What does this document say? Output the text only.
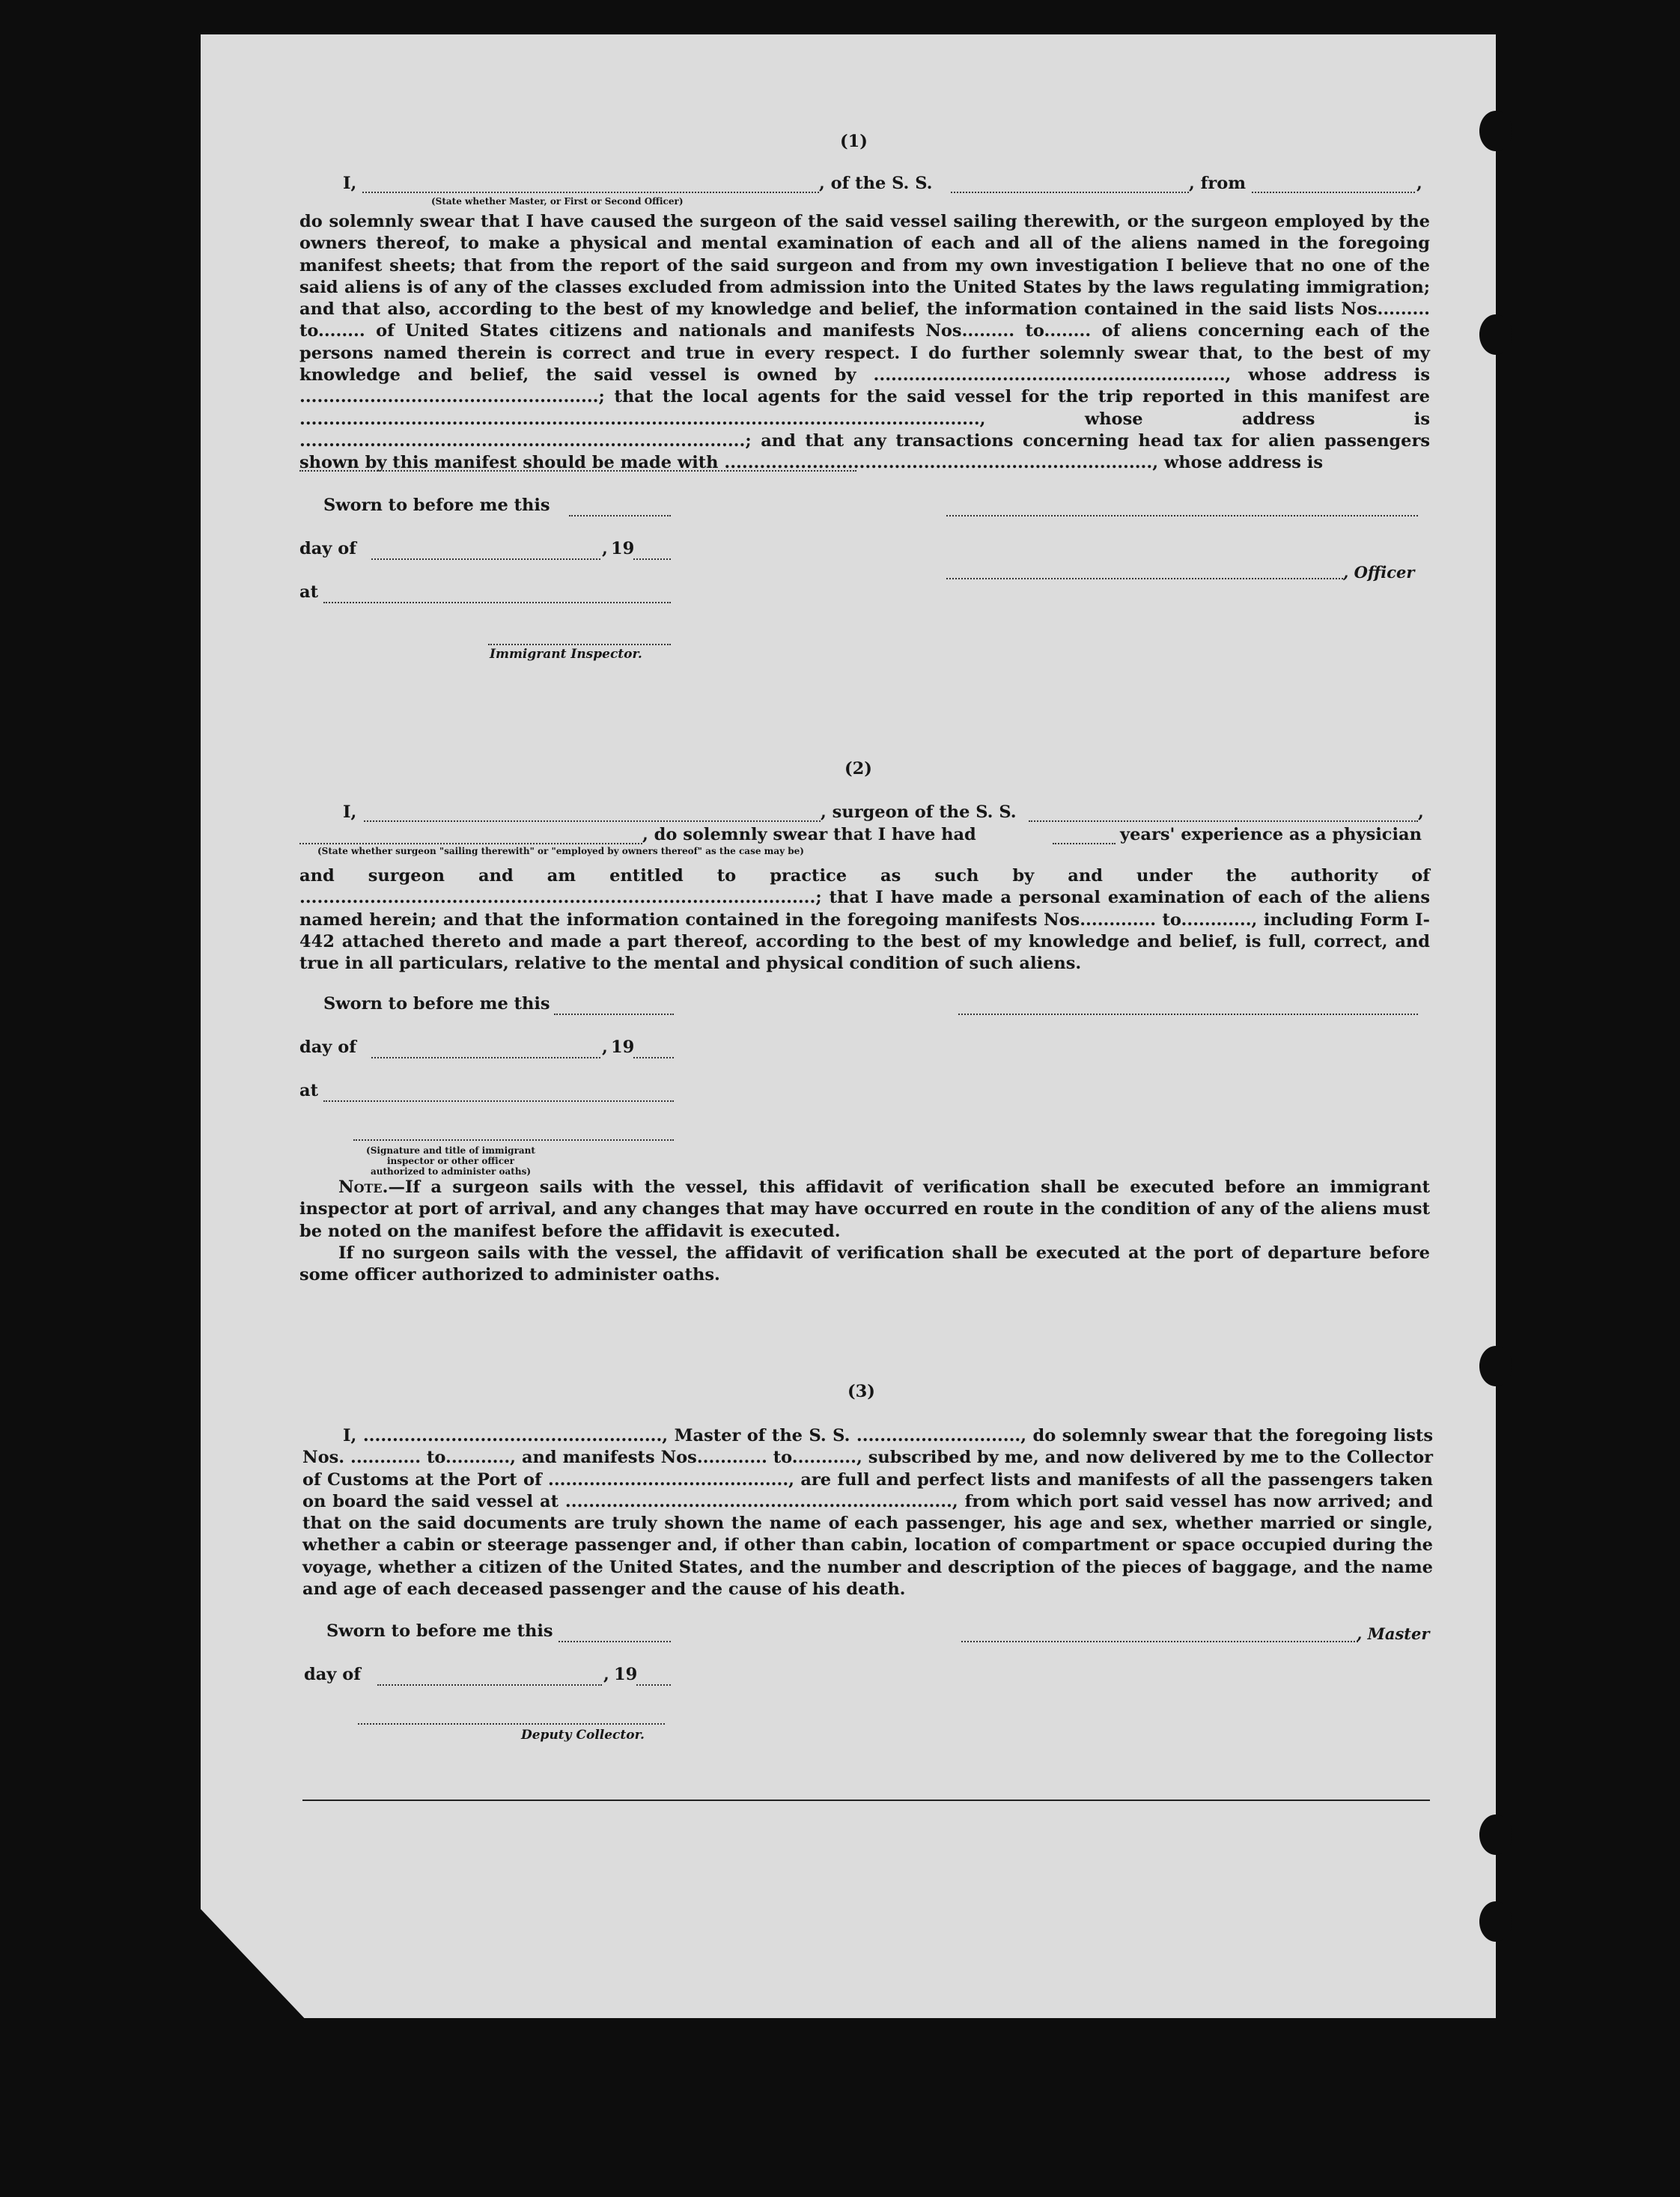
(1)
I,	, of the S. S.	, from	,
(State whether Master, or First or Second Officer)
do solemnly swear that I have caused the surgeon of the said vessel sailing therewith, or the surgeon employed by the owners thereof, to make a physical and mental examination of each and all of the aliens named in the foregoing manifest sheets; that from the report of the said surgeon and from my own investigation I believe that no one of the said aliens is of any of the classes excluded from admission into the United States by the laws regulating immigration; and that also, according to the best of my knowledge and belief, the information contained in the said lists Nos......... to........ of United States citizens and nationals and manifests Nos......... to........ of aliens concerning each of the persons named therein is correct and true in every respect. I do further solemnly swear that, to the best of my knowledge and belief, the said vessel is owned by ............................................................, whose address is ...................................................; that the local agents for the said vessel for the trip reported in this manifest are ...................................................................................................................., whose address is ............................................................................; and that any transactions concerning head tax for alien passengers shown by this manifest should be made with ........................................................................., whose address is
Sworn to before me this
day of	, 19
at
Immigrant Inspector.
, Officer
(2)
I,	, surgeon of the S. S.	,
, do solemnly swear that I have had	years' experience as a physician
(State whether surgeon "sailing therewith" or "employed by owners thereof" as the case may be)
and surgeon and am entitled to practice as such by and under the authority of ........................................................................................; that I have made a personal examination of each of the aliens named herein; and that the information contained in the foregoing manifests Nos............. to............, including Form I-442 attached thereto and made a part thereof, according to the best of my knowledge and belief, is full, correct, and true in all particulars, relative to the mental and physical condition of such aliens.
Sworn to before me this
day of	, 19
at
(Signature and title of immigrant inspector or other officer authorized to administer oaths)
Note.—If a surgeon sails with the vessel, this affidavit of verification shall be executed before an immigrant inspector at port of arrival, and any changes that may have occurred en route in the condition of any of the aliens must be noted on the manifest before the affidavit is executed.
If no surgeon sails with the vessel, the affidavit of verification shall be executed at the port of departure before some officer authorized to administer oaths.
(3)
I, ..................................................., Master of the S. S. ............................, do solemnly swear that the foregoing lists Nos. ............ to..........., and manifests Nos............ to..........., subscribed by me, and now delivered by me to the Collector of Customs at the Port of ........................................., are full and perfect lists and manifests of all the passengers taken on board the said vessel at .................................................................., from which port said vessel has now arrived; and that on the said documents are truly shown the name of each passenger, his age and sex, whether married or single, whether a cabin or steerage passenger and, if other than cabin, location of compartment or space occupied during the voyage, whether a citizen of the United States, and the number and description of the pieces of baggage, and the name and age of each deceased passenger and the cause of his death.
Sworn to before me this	, Master
day of	, 19
Deputy Collector.
